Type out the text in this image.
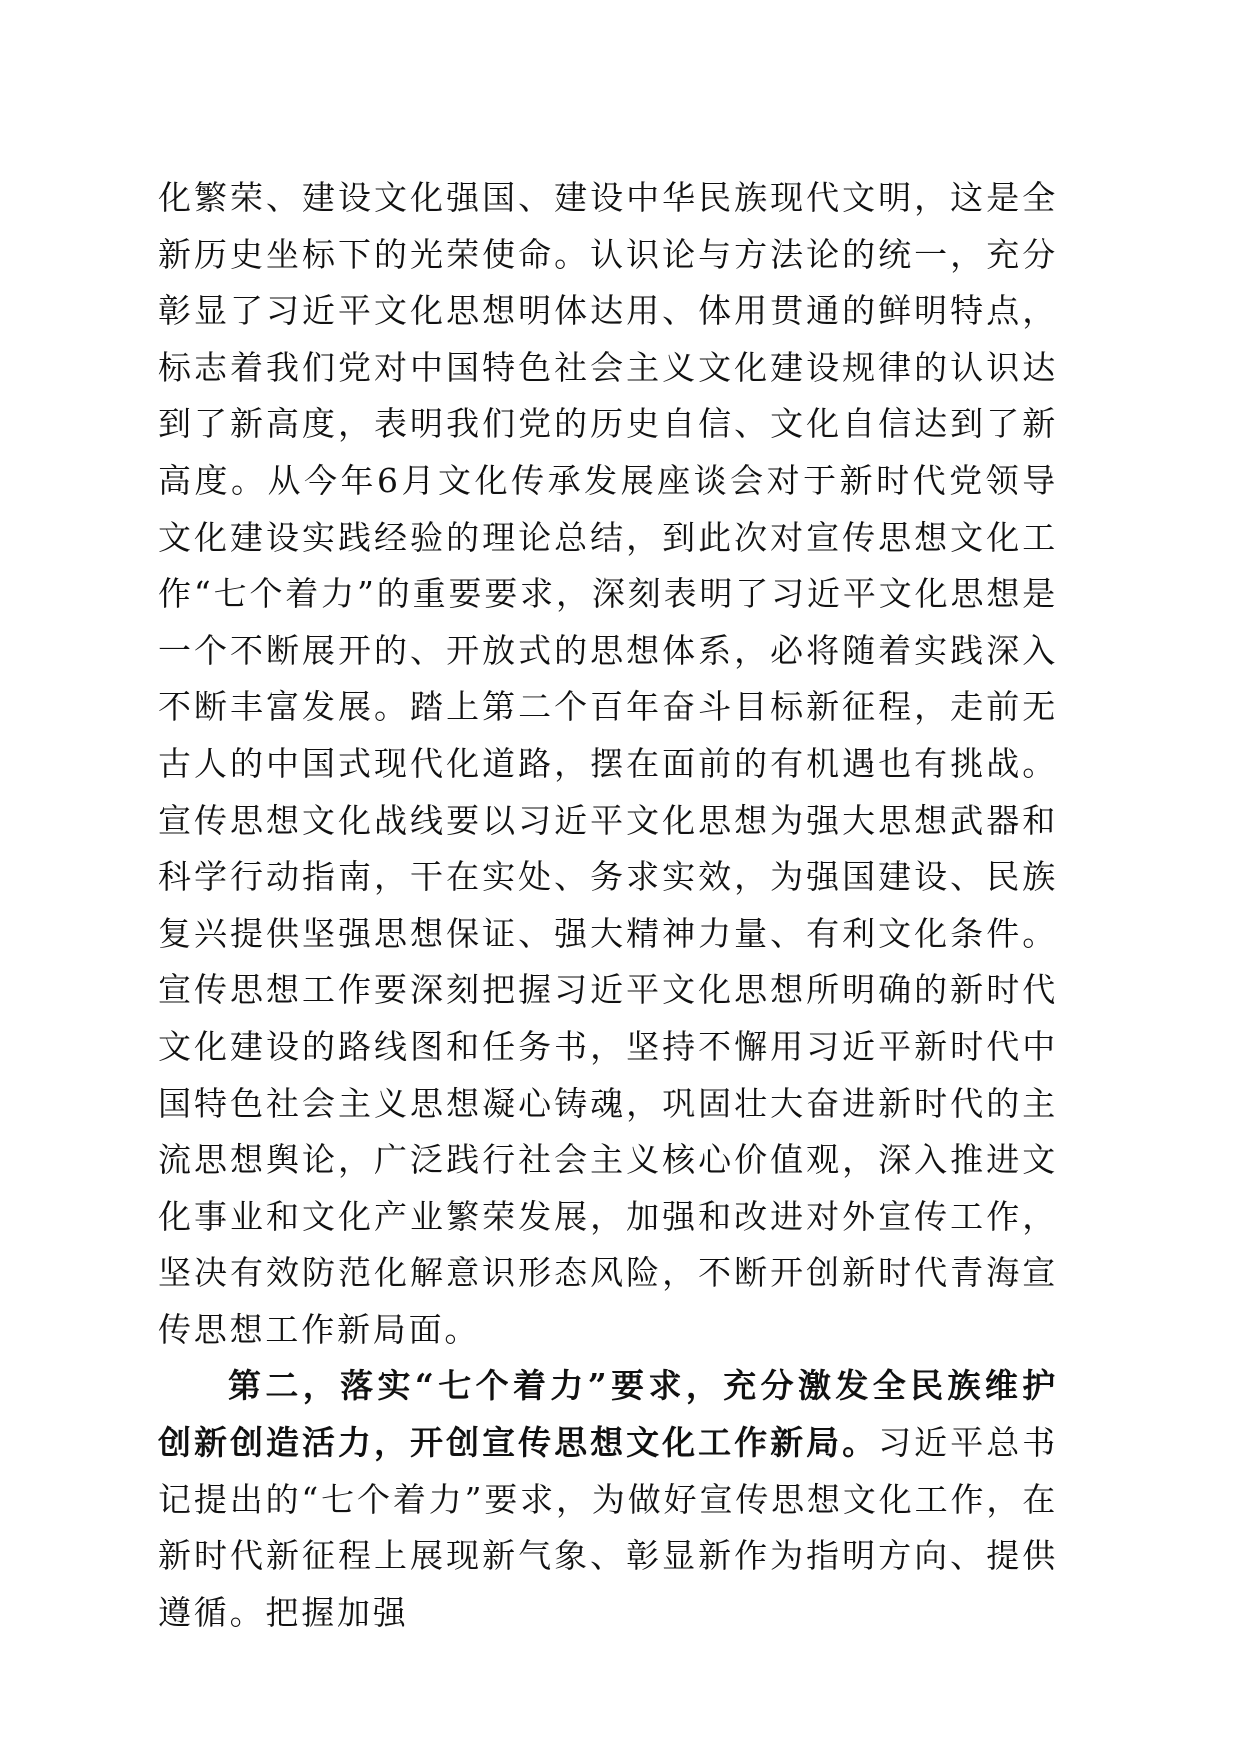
化繁荣、建设文化强国、建设中华民族现代文明，这是全新历史坐标下的光荣使命。认识论与方法论的统一，充分彰显了习近平文化思想明体达用、体用贯通的鲜明特点，标志着我们党对中国特色社会主义文化建设规律的认识达到了新高度，表明我们党的历史自信、文化自信达到了新高度。从今年6月文化传承发展座谈会对于新时代党领导文化建设实践经验的理论总结，到此次对宣传思想文化工作“七个着力”的重要要求，深刻表明了习近平文化思想是一个不断展开的、开放式的思想体系，必将随着实践深入不断丰富发展。踏上第二个百年奋斗目标新征程，走前无古人的中国式现代化道路，摆在面前的有机遇也有挑战。宣传思想文化战线要以习近平文化思想为强大思想武器和科学行动指南，干在实处、务求实效，为强国建设、民族复兴提供坚强思想保证、强大精神力量、有利文化条件。宣传思想工作要深刻把握习近平文化思想所明确的新时代文化建设的路线图和任务书，坚持不懈用习近平新时代中国特色社会主义思想凝心铸魂，巩固壮大奋进新时代的主流思想舆论，广泛践行社会主义核心价值观，深入推进文化事业和文化产业繁荣发展，加强和改进对外宣传工作，坚决有效防范化解意识形态风险，不断开创新时代青海宣传思想工作新局面。

第二，落实“七个着力”要求，充分激发全民族维护创新创造活力，开创宣传思想文化工作新局。习近平总书记提出的“七个着力”要求，为做好宣传思想文化工作，在新时代新征程上展现新气象、彰显新作为指明方向、提供遵循。把握加强
